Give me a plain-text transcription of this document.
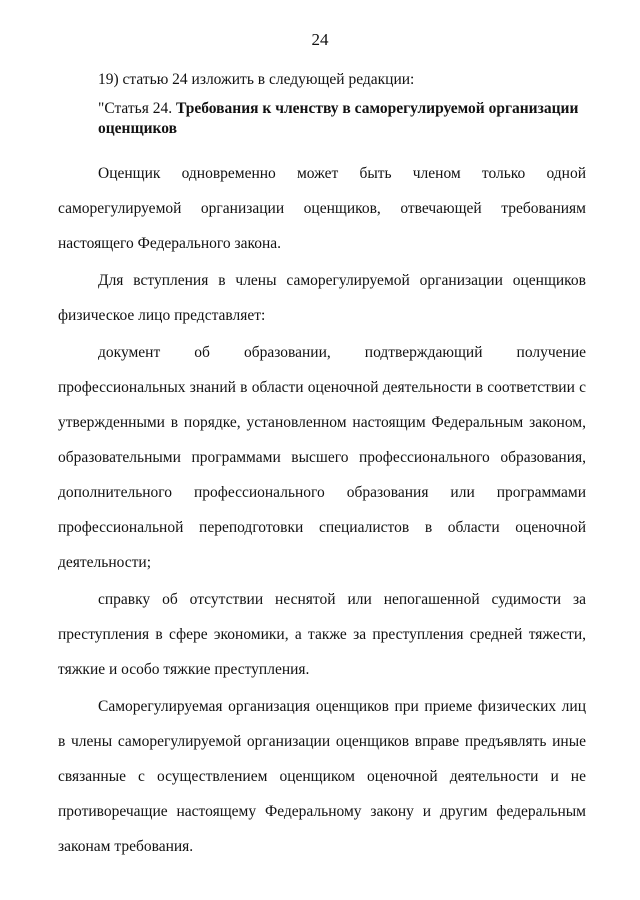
24

19) статью 24 изложить в следующей редакции:

"Статья 24. Требования к членству в саморегулируемой организации оценщиков

Оценщик одновременно может быть членом только одной саморегулируемой организации оценщиков, отвечающей требованиям настоящего Федерального закона.

Для вступления в члены саморегулируемой организации оценщиков физическое лицо представляет:

документ об образовании, подтверждающий получение профессиональных знаний в области оценочной деятельности в соответствии с утвержденными в порядке, установленном настоящим Федеральным законом, образовательными программами высшего профессионального образования, дополнительного профессионального образования или программами профессиональной переподготовки специалистов в области оценочной деятельности;

справку об отсутствии неснятой или непогашенной судимости за преступления в сфере экономики, а также за преступления средней тяжести, тяжкие и особо тяжкие преступления.

Саморегулируемая организация оценщиков при приеме физических лиц в члены саморегулируемой организации оценщиков вправе предъявлять иные связанные с осуществлением оценщиком оценочной деятельности и не противоречащие настоящему Федеральному закону и другим федеральным законам требования.
